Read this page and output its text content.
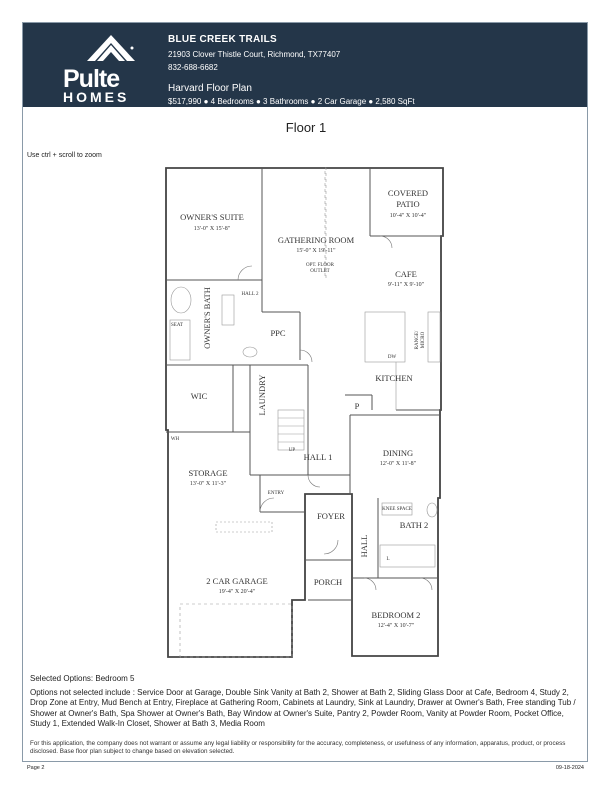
Pulte
HOMES
BLUE CREEK TRAILS
21903 Clover Thistle Court, Richmond, TX77407
832-688-6682
Harvard Floor Plan
$517,990 ● 4 Bedrooms ● 3 Bathrooms ● 2 Car Garage ● 2,580 SqFt
Floor 1
Use ctrl + scroll to zoom
OWNER'S SUITE
13'-0" X 15'-8"
GATHERING ROOM
15'-0" X 19'-11"
OPT. FLOOR
OUTLET
COVERED
PATIO
10'-4" X 10'-4"
CAFE
9'-11" X 9'-10"
OWNER'S BATH	HALL 2
PPC
KITCHEN
RANGE/ MICRO
DW
LAUNDRY
WIC
P
UP
SEAT
WH
HALL 1	DINING
12'-0" X 11'-8"
STORAGE
13'-0" X 11'-3"
ENTRY
FOYER
KNEE SPACE
BATH 2
HALL
L
2 CAR GARAGE
19'-4" X 20'-4"
PORCH
BEDROOM 2
12'-4" X 10'-7"
Selected Options: Bedroom 5
Options not selected include : Service Door at Garage, Double Sink Vanity at Bath 2, Shower at Bath 2, Sliding Glass Door at Cafe, Bedroom 4, Study 2, Drop Zone at Entry, Mud Bench at Entry, Fireplace at Gathering Room, Cabinets at Laundry, Sink at Laundry, Drawer at Owner's Bath, Free standing Tub / Shower at Owner's Bath, Spa Shower at Owner's Bath, Bay Window at Owner's Suite, Pantry 2, Powder Room, Vanity at Powder Room, Pocket Office, Study 1, Extended Walk-In Closet, Shower at Bath 3, Media Room
For this application, the company does not warrant or assume any legal liability or responsibility for the accuracy, completeness, or usefulness of any information, apparatus, product, or process disclosed. Base floor plan subject to change based on elevation selected.
Page 2	09-18-2024
